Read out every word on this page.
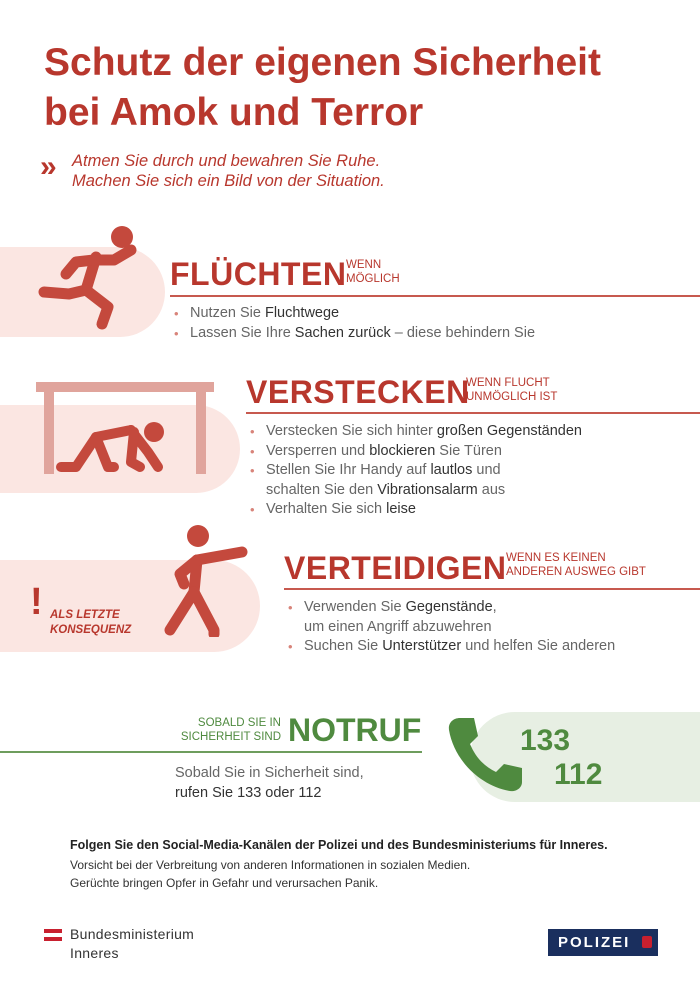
Schutz der eigenen Sicherheit
bei Amok und Terror
» Atmen Sie durch und bewahren Sie Ruhe.
Machen Sie sich ein Bild von der Situation.
FLÜCHTEN WENN
MÖGLICH
• Nutzen Sie Fluchtwege
• Lassen Sie Ihre Sachen zurück – diese behindern Sie
VERSTECKEN
WENN FLUCHT
UNMÖGLICH IST
• Verstecken Sie sich hinter großen Gegenständen
• Versperren und blockieren Sie Türen
• Stellen Sie Ihr Handy auf lautlos und
schalten Sie den Vibrationsalarm aus
• Verhalten Sie sich leise
! ALS LETZTE
KONSEQUENZ
VERTEIDIGEN WENN ES KEINEN
ANDEREN AUSWEG GIBT
• Verwenden Sie Gegenstände,
um einen Angriff abzuwehren
• Suchen Sie Unterstützer und helfen Sie anderen
133
112
SOBALD SIE IN
SICHERHEIT SIND NOTRUF
Sobald Sie in Sicherheit sind,
rufen Sie 133 oder 112
Folgen Sie den Social-Media-Kanälen der Polizei und des Bundesministeriums für Inneres.
Vorsicht bei der Verbreitung von anderen Informationen in sozialen Medien.
Gerüchte bringen Opfer in Gefahr und verursachen Panik.
Bundesministerium
Inneres
POLIZEI
